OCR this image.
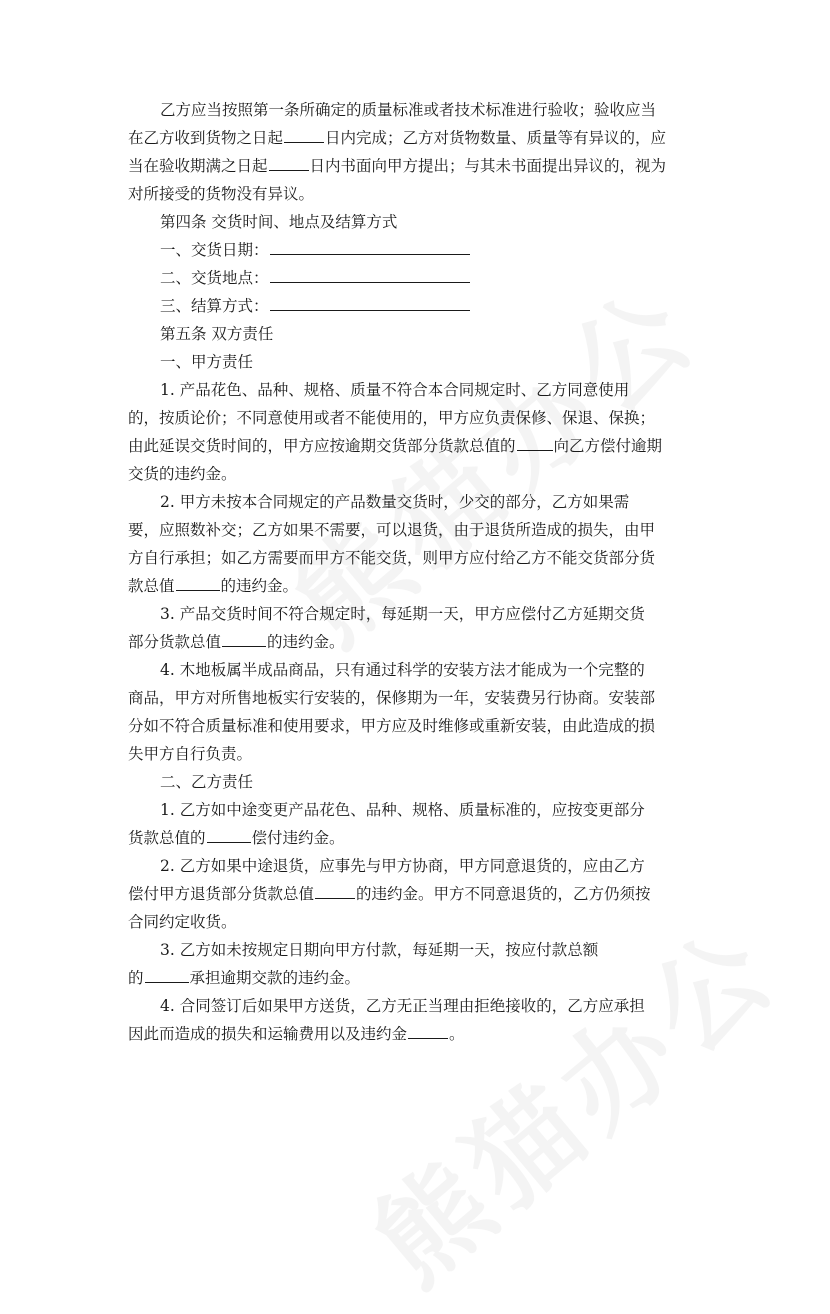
乙方应当按照第一条所确定的质量标准或者技术标准进行验收；验收应当
在乙方收到货物之日起	日内完成；乙方对货物数量、质量等有异议的，应
当在验收期满之日起	日内书面向甲方提出；与其未书面提出异议的，视为
对所接受的货物没有异议。
第四条 交货时间、地点及结算方式
一、交货日期：
二、交货地点：
三、结算方式：
第五条 双方责任
一、甲方责任
1. 产品花色、品种、规格、质量不符合本合同规定时、乙方同意使用
的，按质论价；不同意使用或者不能使用的，甲方应负责保修、保退、保换；
由此延误交货时间的，甲方应按逾期交货部分货款总值的 向乙方偿付逾期
交货的违约金。
2. 甲方未按本合同规定的产品数量交货时，少交的部分，乙方如果需
要，应照数补交；乙方如果不需要，可以退货，由于退货所造成的损失，由甲
方自行承担；如乙方需要而甲方不能交货，则甲方应付给乙方不能交货部分货
款总值	的违约金。
3. 产品交货时间不符合规定时，每延期一天，甲方应偿付乙方延期交货
部分货款总值	的违约金。
4. 木地板属半成品商品，只有通过科学的安装方法才能成为一个完整的
商品，甲方对所售地板实行安装的，保修期为一年，安装费另行协商。安装部
分如不符合质量标准和使用要求，甲方应及时维修或重新安装，由此造成的损
失甲方自行负责。
二、乙方责任
1. 乙方如中途变更产品花色、品种、规格、质量标准的，应按变更部分
货款总值的	偿付违约金。
2. 乙方如果中途退货，应事先与甲方协商，甲方同意退货的，应由乙方
偿付甲方退货部分货款总值	的违约金。甲方不同意退货的，乙方仍须按
合同约定收货。
3. 乙方如未按规定日期向甲方付款，每延期一天，按应付款总额
的	承担逾期交款的违约金。
4. 合同签订后如果甲方送货，乙方无正当理由拒绝接收的，乙方应承担
因此而造成的损失和运输费用以及违约金	。
